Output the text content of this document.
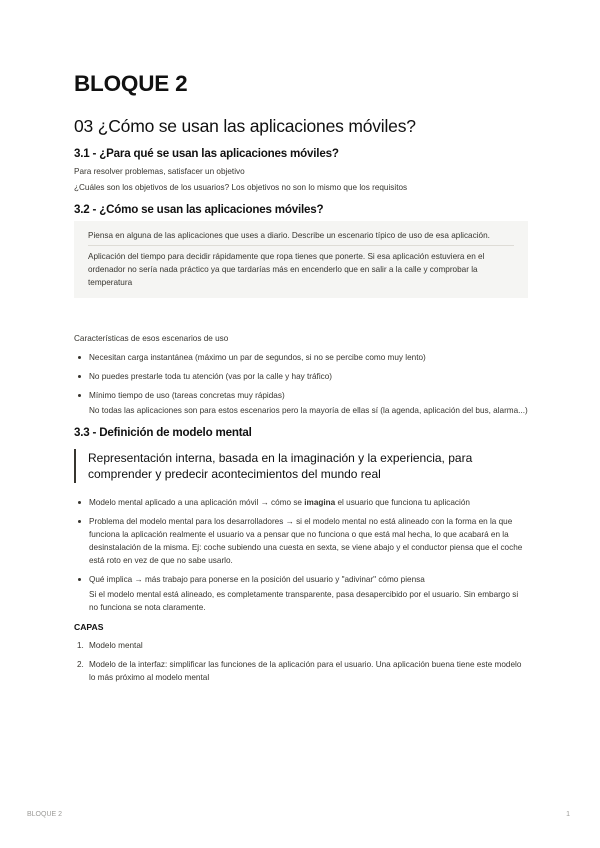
BLOQUE 2
03 ¿Cómo se usan las aplicaciones móviles?
3.1 - ¿Para qué se usan las aplicaciones móviles?
Para resolver problemas, satisfacer un objetivo
¿Cuáles son los objetivos de los usuarios? Los objetivos no son lo mismo que los requisitos
3.2 - ¿Cómo se usan las aplicaciones móviles?
Piensa en alguna de las aplicaciones que uses a diario. Describe un escenario típico de uso de esa aplicación.
Aplicación del tiempo para decidir rápidamente que ropa tienes que ponerte. Si esa aplicación estuviera en el ordenador no sería nada práctico ya que tardarías más en encenderlo que en salir a la calle y comprobar la temperatura
Características de esos escenarios de uso
Necesitan carga instantánea (máximo un par de segundos, si no se percibe como muy lento)
No puedes prestarle toda tu atención (vas por la calle y hay tráfico)
Mínimo tiempo de uso (tareas concretas muy rápidas)
No todas las aplicaciones son para estos escenarios pero la mayoría de ellas sí (la agenda, aplicación del bus, alarma...)
3.3 - Definición de modelo mental
Representación interna, basada en la imaginación y la experiencia, para comprender y predecir acontecimientos del mundo real
Modelo mental aplicado a una aplicación móvil → cómo se imagina el usuario que funciona tu aplicación
Problema del modelo mental para los desarrolladores → si el modelo mental no está alineado con la forma en la que funciona la aplicación realmente el usuario va a pensar que no funciona o que está mal hecha, lo que acabará en la desinstalación de la misma. Ej: coche subiendo una cuesta en sexta, se viene abajo y el conductor piensa que el coche está roto en vez de que no sabe usarlo.
Qué implica → más trabajo para ponerse en la posición del usuario y "adivinar" cómo piensa
Si el modelo mental está alineado, es completamente transparente, pasa desapercibido por el usuario. Sin embargo si no funciona se nota claramente.
CAPAS
1. Modelo mental
2. Modelo de la interfaz: simplificar las funciones de la aplicación para el usuario. Una aplicación buena tiene este modelo lo más próximo al modelo mental
BLOQUE 2	1
